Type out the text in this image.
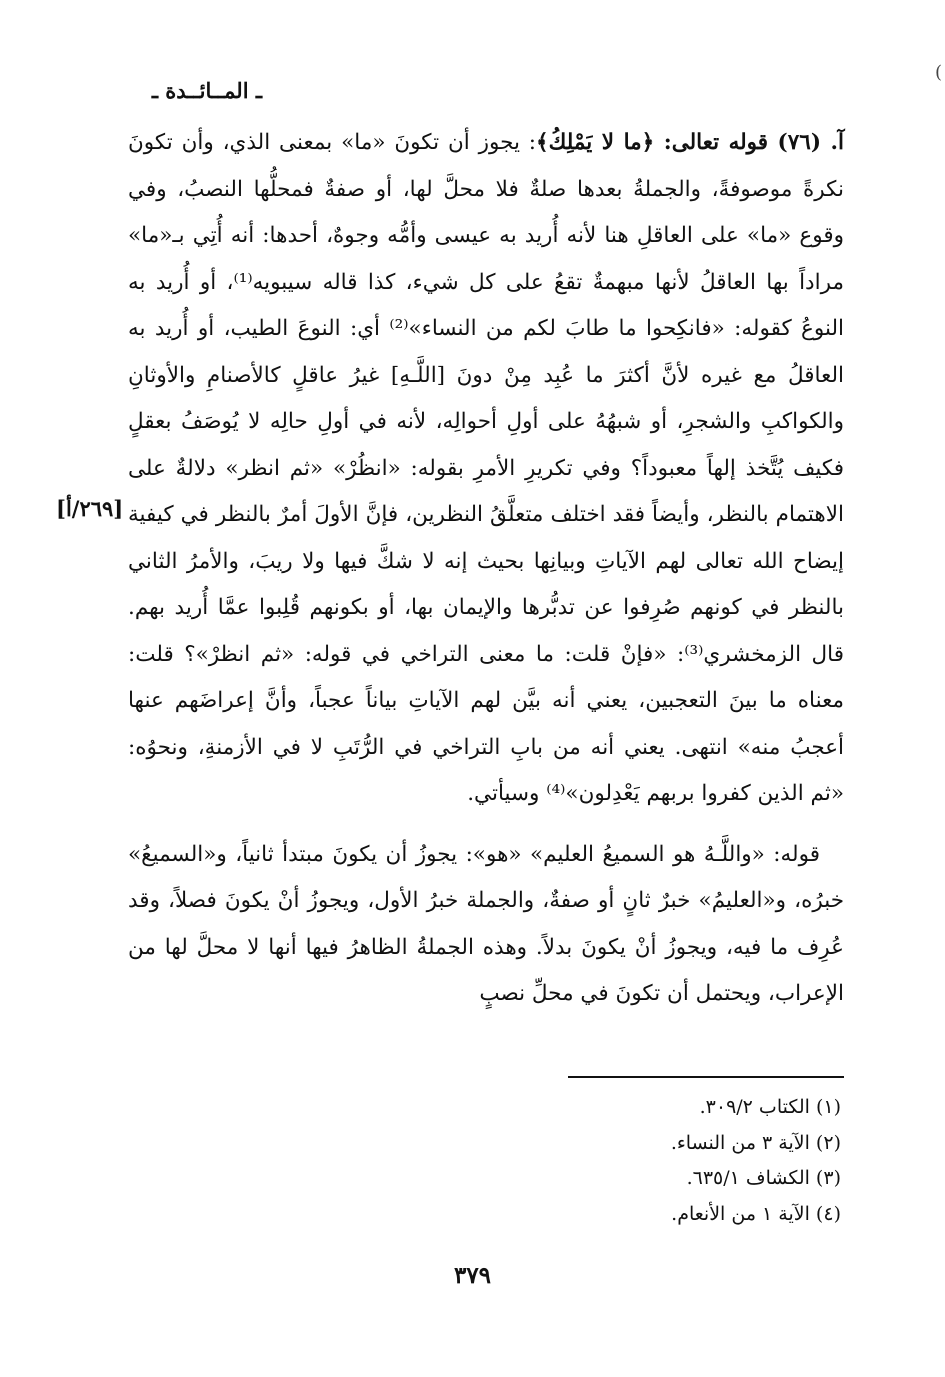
(
ـ المــائــدة ـ
[٢٦٩/أ]

آ. (٧٦) قوله تعالى: ﴿ما لا يَمْلِكُ﴾: يجوز أن تكونَ «ما» بمعنى الذي، وأن تكونَ نكرةً موصوفةً، والجملةُ بعدها صلةٌ فلا محلَّ لها، أو صفةٌ فمحلُّها النصبُ، وفي وقوع «ما» على العاقلِ هنا لأنه أُريد به عيسى وأمُّه وجوهٌ، أحدها: أنه أُتِي بـ«ما» مراداً بها العاقلُ لأنها مبهمةٌ تقعُ على كل شيء، كذا قاله سيبويه⁽¹⁾، أو أُريد به النوعُ كقوله: «فانكِحوا ما طابَ لكم من النساء»⁽²⁾ أي: النوعَ الطيب، أو أُريد به العاقلُ مع غيره لأنَّ أكثرَ ما عُبِد مِنْ دونَ [اللَّـهِ] غيرُ عاقلٍ كالأصنامِ والأوثانِ والكواكبِ والشجرِ، أو شبهُهُ على أولِ أحوالِه، لأنه في أولِ حالِه لا يُوصَفُ بعقلٍ فكيف يُتَّخذ إلهاً معبوداً؟ وفي تكريرِ الأمرِ بقوله: «انظُرْ» «ثم انظر» دلالةٌ على الاهتمام بالنظر، وأيضاً فقد اختلف متعلَّقُ النظرين، فإنَّ الأولَ أمرٌ بالنظر في كيفية إيضاح الله تعالى لهم الآياتِ وبيانِها بحيث إنه لا شكَّ فيها ولا ريبَ، والأمرُ الثاني بالنظر في كونهم صُرِفوا عن تدبُّرها والإيمان بها، أو بكونهم قُلِبوا عمَّا أُريد بهم. قال الزمخشري⁽³⁾: «فإنْ قلت: ما معنى التراخي في قوله: «ثم انظرْ»؟ قلت: معناه ما بينَ التعجبين، يعني أنه بيَّن لهم الآياتِ بياناً عجباً، وأنَّ إعراضَهم عنها أعجبُ منه» انتهى. يعني أنه من بابِ التراخي في الرُّتَبِ لا في الأزمنةِ، ونحوُه: «ثم الذين كفروا بربهم يَعْدِلون»⁽⁴⁾ وسيأتي.

قوله: «واللَّـهُ هو السميعُ العليم» «هو»: يجوزُ أن يكونَ مبتدأ ثانياً، و«السميعُ» خبرُه، و«العليمُ» خبرٌ ثانٍ أو صفةٌ، والجملة خبرُ الأول، ويجوزُ أنْ يكونَ فصلاً، وقد عُرِف ما فيه، ويجوزُ أنْ يكونَ بدلاً. وهذه الجملةُ الظاهرُ فيها أنها لا محلَّ لها من الإعراب، ويحتمل أن تكونَ في محلِّ نصبٍ

(١) الكتاب ٣٠٩/٢.
(٢) الآية ٣ من النساء.
(٣) الكشاف ٦٣٥/١.
(٤) الآية ١ من الأنعام.
٣٧٩
